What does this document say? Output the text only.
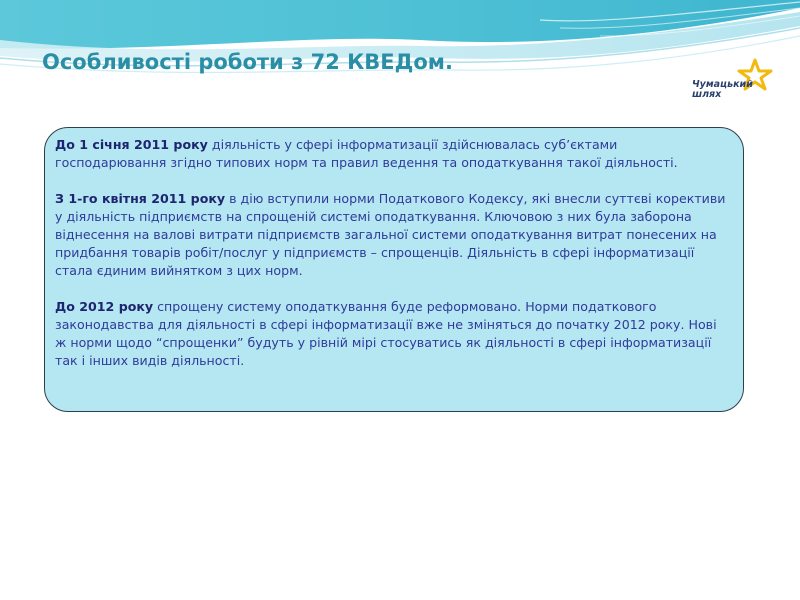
Особливості роботи з 72 КВЕДом.
Чумацький
шлях

До 1 січня 2011 року діяльність у сфері інформатизації здійснювалась суб’єктами господарювання згідно типових норм та правил ведення та оподаткування такої діяльності.

З 1-го квітня 2011 року в дію вступили норми Податкового Кодексу, які внесли суттєві корективи у діяльність підприємств на спрощеній системі оподаткування. Ключовою з них була заборона віднесення на валові витрати підприємств загальної системи оподаткування витрат понесених на придбання товарів робіт/послуг у підприємств – спрощенців. Діяльність в сфері інформатизації стала єдиним вийнятком з цих норм.

До 2012 року спрощену систему оподаткування буде реформовано. Норми податкового законодавства для діяльності в сфері інформатизації вже не зміняться до початку 2012 року. Нові ж норми щодо “спрощенки” будуть у рівній мірі стосуватись як діяльності в сфері інформатизації так і інших видів діяльності.
